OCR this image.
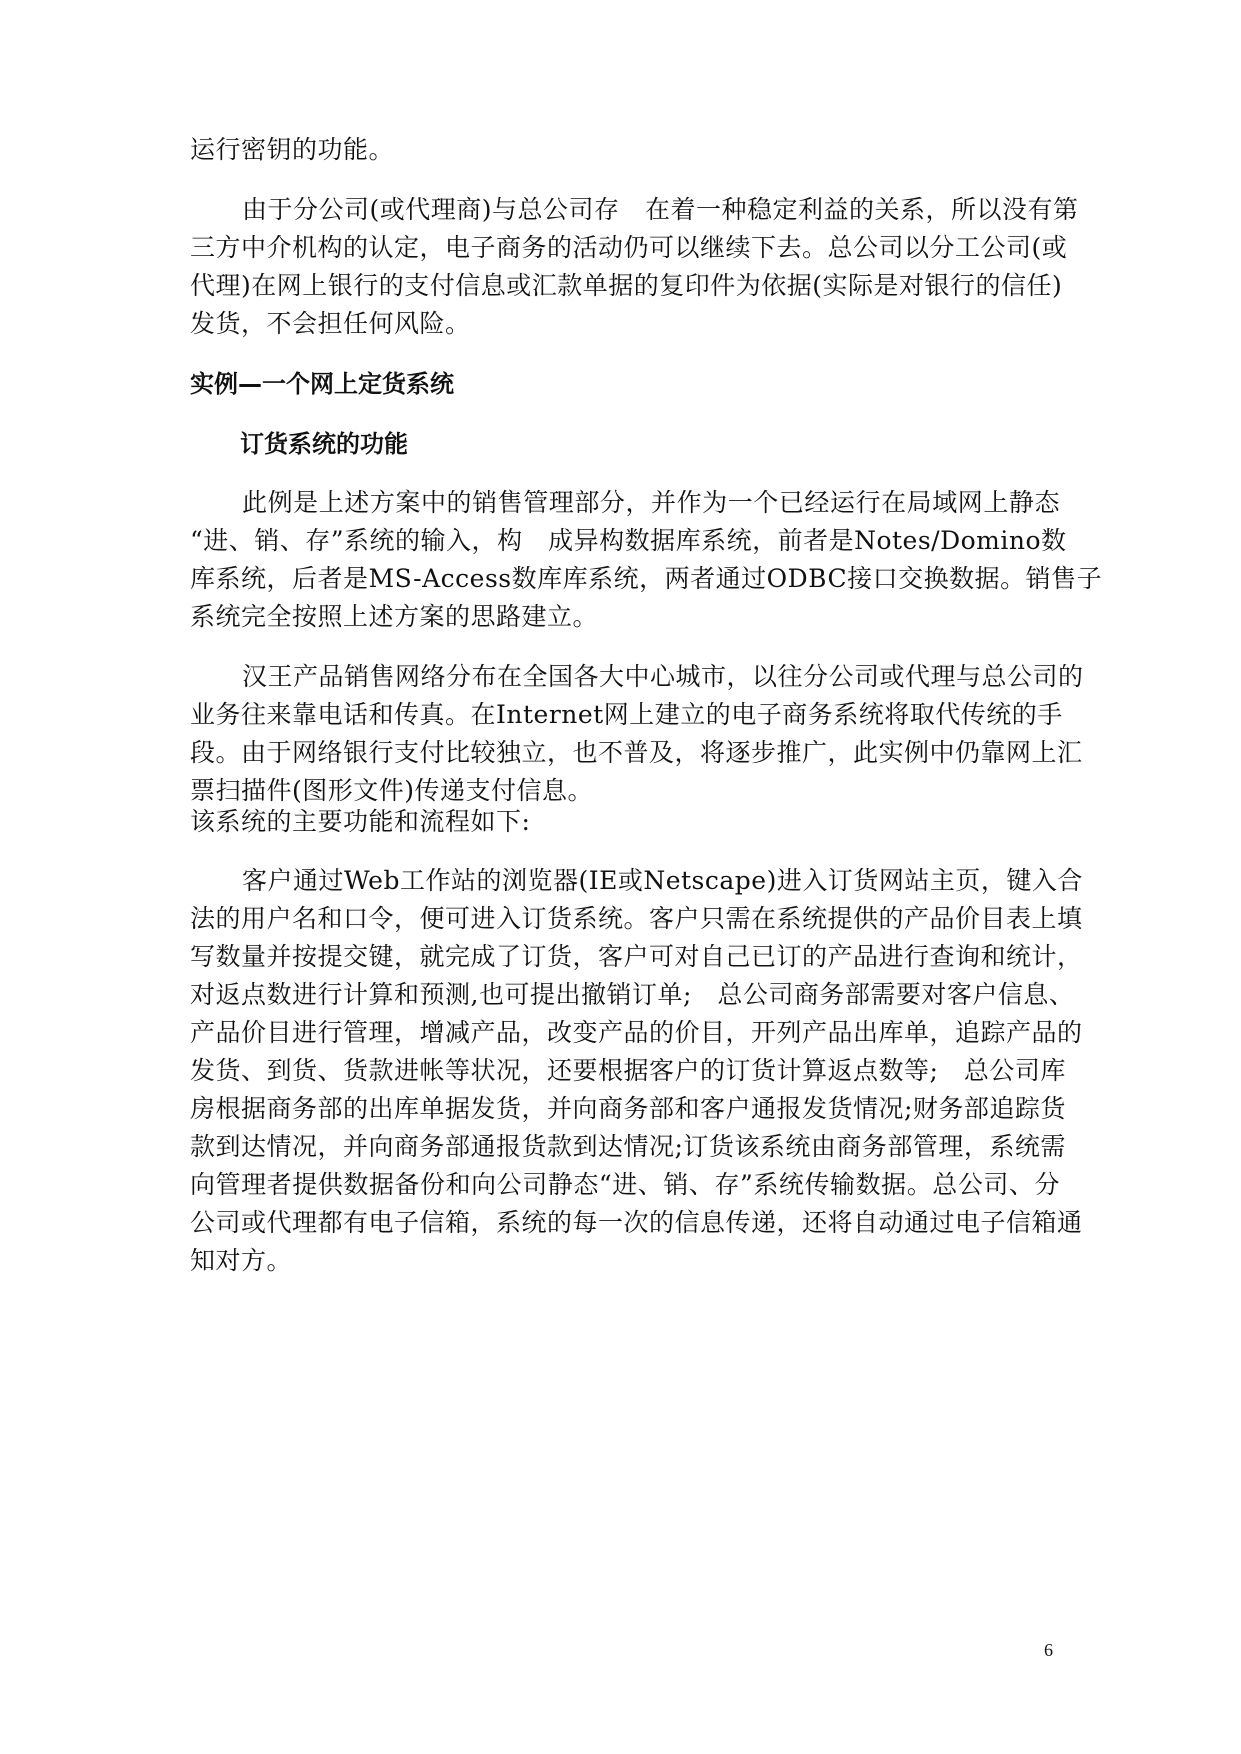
运行密钥的功能。
由于分公司(或代理商)与总公司存　在着一种稳定利益的关系，所以没有第
三方中介机构的认定，电子商务的活动仍可以继续下去。总公司以分工公司(或
代理)在网上银行的支付信息或汇款单据的复印件为依据(实际是对银行的信任)
发货，不会担任何风险。
实例—一个网上定货系统
订货系统的功能
此例是上述方案中的销售管理部分，并作为一个已经运行在局域网上静态
“进、销、存”系统的输入，构　成异构数据库系统，前者是Notes/Domino数
库系统，后者是MS-Access数库库系统，两者通过ODBC接口交换数据。销售子
系统完全按照上述方案的思路建立。
汉王产品销售网络分布在全国各大中心城市，以往分公司或代理与总公司的
业务往来靠电话和传真。在Internet网上建立的电子商务系统将取代传统的手
段。由于网络银行支付比较独立，也不普及，将逐步推广，此实例中仍靠网上汇
票扫描件(图形文件)传递支付信息。
该系统的主要功能和流程如下:
客户通过Web工作站的浏览器(IE或Netscape)进入订货网站主页，键入合
法的用户名和口令，便可进入订货系统。客户只需在系统提供的产品价目表上填
写数量并按提交键，就完成了订货，客户可对自己已订的产品进行查询和统计，
对返点数进行计算和预测,也可提出撤销订单;　总公司商务部需要对客户信息、
产品价目进行管理，增减产品，改变产品的价目，开列产品出库单，追踪产品的
发货、到货、货款进帐等状况，还要根据客户的订货计算返点数等;　总公司库
房根据商务部的出库单据发货，并向商务部和客户通报发货情况;财务部追踪货
款到达情况，并向商务部通报货款到达情况;订货该系统由商务部管理，系统需
向管理者提供数据备份和向公司静态“进、销、存”系统传输数据。总公司、分
公司或代理都有电子信箱，系统的每一次的信息传递，还将自动通过电子信箱通
知对方。
6
